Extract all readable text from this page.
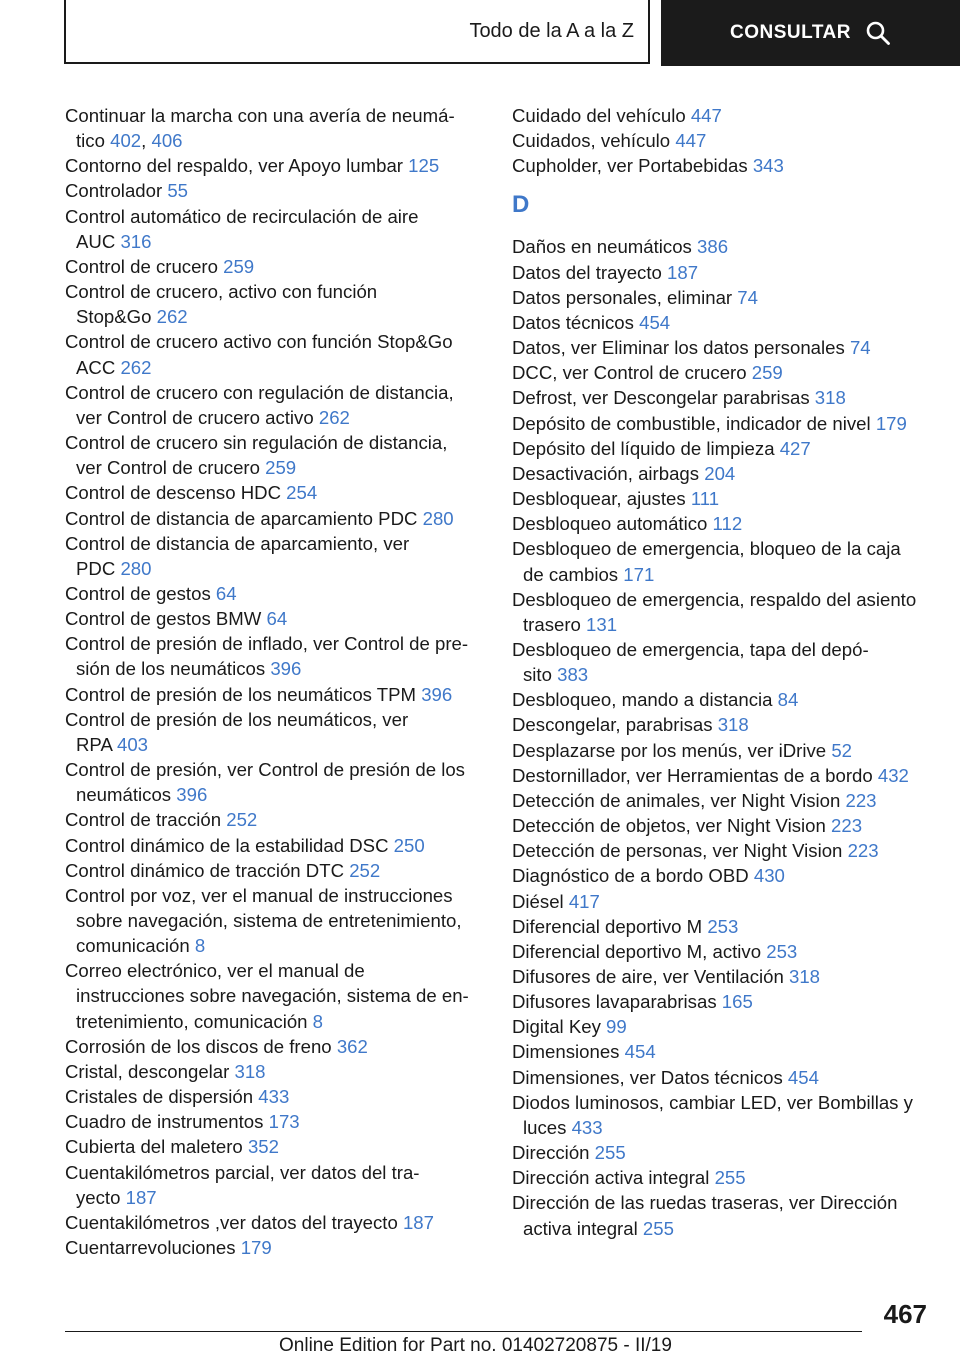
Todo de la A a la Z	CONSULTAR
Continuar la marcha con una avería de neumá-
tico 402, 406
Contorno del respaldo, ver Apoyo lumbar 125
Controlador 55
Control automático de recirculación de aire
AUC 316
Control de crucero 259
Control de crucero, activo con función
Stop&Go 262
Control de crucero activo con función Stop&Go
ACC 262
Control de crucero con regulación de distancia,
ver Control de crucero activo 262
Control de crucero sin regulación de distancia,
ver Control de crucero 259
Control de descenso HDC 254
Control de distancia de aparcamiento PDC 280
Control de distancia de aparcamiento, ver
PDC 280
Control de gestos 64
Control de gestos BMW 64
Control de presión de inflado, ver Control de pre-
sión de los neumáticos 396
Control de presión de los neumáticos TPM 396
Control de presión de los neumáticos, ver
RPA 403
Control de presión, ver Control de presión de los
neumáticos 396
Control de tracción 252
Control dinámico de la estabilidad DSC 250
Control dinámico de tracción DTC 252
Control por voz, ver el manual de instrucciones
sobre navegación, sistema de entretenimiento,
comunicación 8
Correo electrónico, ver el manual de
instrucciones sobre navegación, sistema de en-
tretenimiento, comunicación 8
Corrosión de los discos de freno 362
Cristal, descongelar 318
Cristales de dispersión 433
Cuadro de instrumentos 173
Cubierta del maletero 352
Cuentakilómetros parcial, ver datos del tra-
yecto 187
Cuentakilómetros ,ver datos del trayecto 187
Cuentarrevoluciones 179
Cuidado del vehículo 447
Cuidados, vehículo 447
Cupholder, ver Portabebidas 343
D
Daños en neumáticos 386
Datos del trayecto 187
Datos personales, eliminar 74
Datos técnicos 454
Datos, ver Eliminar los datos personales 74
DCC, ver Control de crucero 259
Defrost, ver Descongelar parabrisas 318
Depósito de combustible, indicador de nivel 179
Depósito del líquido de limpieza 427
Desactivación, airbags 204
Desbloquear, ajustes 111
Desbloqueo automático 112
Desbloqueo de emergencia, bloqueo de la caja
de cambios 171
Desbloqueo de emergencia, respaldo del asiento
trasero 131
Desbloqueo de emergencia, tapa del depó-
sito 383
Desbloqueo, mando a distancia 84
Descongelar, parabrisas 318
Desplazarse por los menús, ver iDrive 52
Destornillador, ver Herramientas de a bordo 432
Detección de animales, ver Night Vision 223
Detección de objetos, ver Night Vision 223
Detección de personas, ver Night Vision 223
Diagnóstico de a bordo OBD 430
Diésel 417
Diferencial deportivo M 253
Diferencial deportivo M, activo 253
Difusores de aire, ver Ventilación 318
Difusores lavaparabrisas 165
Digital Key 99
Dimensiones 454
Dimensiones, ver Datos técnicos 454
Diodos luminosos, cambiar LED, ver Bombillas y
luces 433
Dirección 255
Dirección activa integral 255
Dirección de las ruedas traseras, ver Dirección
activa integral 255
467
Online Edition for Part no. 01402720875 - II/19
